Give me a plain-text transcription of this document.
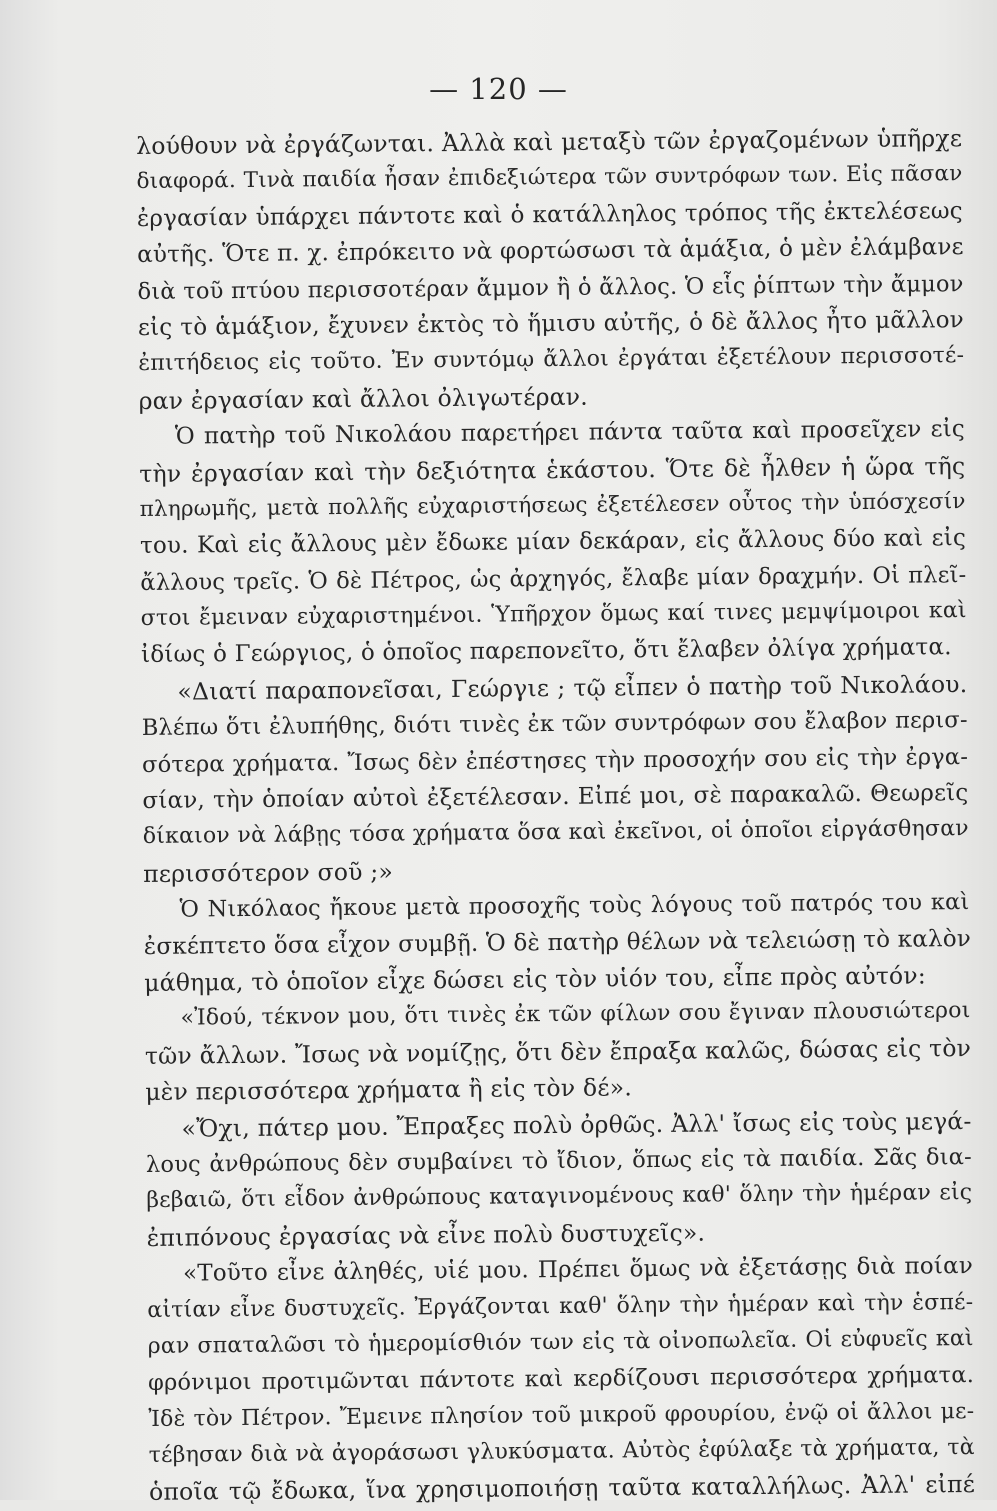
— 120 —
λούθουν νὰ ἐργάζωνται. Ἀλλὰ καὶ μεταξὺ τῶν ἐργαζομένων ὑπῆρχε
διαφορά. Τινὰ παιδία ἦσαν ἐπιδεξιώτερα τῶν συντρόφων των. Εἰς πᾶσαν
ἐργασίαν ὑπάρχει πάντοτε καὶ ὁ κατάλληλος τρόπος τῆς ἐκτελέσεως
αὐτῆς. Ὅτε π. χ. ἐπρόκειτο νὰ φορτώσωσι τὰ ἁμάξια, ὁ μὲν ἐλάμβανε
διὰ τοῦ πτύου περισσοτέραν ἄμμον ἢ ὁ ἄλλος. Ὁ εἷς ῥίπτων τὴν ἄμμον
εἰς τὸ ἁμάξιον, ἔχυνεν ἐκτὸς τὸ ἥμισυ αὐτῆς, ὁ δὲ ἄλλος ἦτο μᾶλλον
ἐπιτήδειος εἰς τοῦτο. Ἐν συντόμῳ ἄλλοι ἐργάται ἐξετέλουν περισσοτέ-
ραν ἐργασίαν καὶ ἄλλοι ὀλιγωτέραν.
Ὁ πατὴρ τοῦ Νικολάου παρετήρει πάντα ταῦτα καὶ προσεῖχεν εἰς
τὴν ἐργασίαν καὶ τὴν δεξιότητα ἑκάστου. Ὅτε δὲ ἦλθεν ἡ ὥρα τῆς
πληρωμῆς, μετὰ πολλῆς εὐχαριστήσεως ἐξετέλεσεν οὗτος τὴν ὑπόσχεσίν
του. Καὶ εἰς ἄλλους μὲν ἔδωκε μίαν δεκάραν, εἰς ἄλλους δύο καὶ εἰς
ἄλλους τρεῖς. Ὁ δὲ Πέτρος, ὡς ἀρχηγός, ἔλαβε μίαν δραχμήν. Οἱ πλεῖ-
στοι ἔμειναν εὐχαριστημένοι. Ὑπῆρχον ὅμως καί τινες μεμψίμοιροι καὶ
ἰδίως ὁ Γεώργιος, ὁ ὁποῖος παρεπονεῖτο, ὅτι ἔλαβεν ὀλίγα χρήματα.
«Διατί παραπονεῖσαι, Γεώργιε ; τῷ εἶπεν ὁ πατὴρ τοῦ Νικολάου.
Βλέπω ὅτι ἐλυπήθης, διότι τινὲς ἐκ τῶν συντρόφων σου ἔλαβον περισ-
σότερα χρήματα. Ἴσως δὲν ἐπέστησες τὴν προσοχήν σου εἰς τὴν ἐργα-
σίαν, τὴν ὁποίαν αὐτοὶ ἐξετέλεσαν. Εἰπέ μοι, σὲ παρακαλῶ. Θεωρεῖς
δίκαιον νὰ λάβῃς τόσα χρήματα ὅσα καὶ ἐκεῖνοι, οἱ ὁποῖοι εἰργάσθησαν
περισσότερον σοῦ ;»
Ὁ Νικόλαος ἤκουε μετὰ προσοχῆς τοὺς λόγους τοῦ πατρός του καὶ
ἐσκέπτετο ὅσα εἶχον συμβῇ. Ὁ δὲ πατὴρ θέλων νὰ τελειώσῃ τὸ καλὸν
μάθημα, τὸ ὁποῖον εἶχε δώσει εἰς τὸν υἱόν του, εἶπε πρὸς αὐτόν:
«Ἰδού, τέκνον μου, ὅτι τινὲς ἐκ τῶν φίλων σου ἔγιναν πλουσιώτεροι
τῶν ἄλλων. Ἴσως νὰ νομίζῃς, ὅτι δὲν ἔπραξα καλῶς, δώσας εἰς τὸν
μὲν περισσότερα χρήματα ἢ εἰς τὸν δέ».
«Ὄχι, πάτερ μου. Ἔπραξες πολὺ ὀρθῶς. Ἀλλ' ἴσως εἰς τοὺς μεγά-
λους ἀνθρώπους δὲν συμβαίνει τὸ ἴδιον, ὅπως εἰς τὰ παιδία. Σᾶς δια-
βεβαιῶ, ὅτι εἶδον ἀνθρώπους καταγινομένους καθ' ὅλην τὴν ἡμέραν εἰς
ἐπιπόνους ἐργασίας νὰ εἶνε πολὺ δυστυχεῖς».
«Τοῦτο εἶνε ἀληθές, υἱέ μου. Πρέπει ὅμως νὰ ἐξετάσῃς διὰ ποίαν
αἰτίαν εἶνε δυστυχεῖς. Ἐργάζονται καθ' ὅλην τὴν ἡμέραν καὶ τὴν ἑσπέ-
ραν σπαταλῶσι τὸ ἡμερομίσθιόν των εἰς τὰ οἰνοπωλεῖα. Οἱ εὐφυεῖς καὶ
φρόνιμοι προτιμῶνται πάντοτε καὶ κερδίζουσι περισσότερα χρήματα.
Ἰδὲ τὸν Πέτρον. Ἔμεινε πλησίον τοῦ μικροῦ φρουρίου, ἐνῷ οἱ ἄλλοι με-
τέβησαν διὰ νὰ ἀγοράσωσι γλυκύσματα. Αὐτὸς ἐφύλαξε τὰ χρήματα, τὰ
ὁποῖα τῷ ἔδωκα, ἵνα χρησιμοποιήσῃ ταῦτα καταλλήλως. Ἀλλ' εἰπέ
